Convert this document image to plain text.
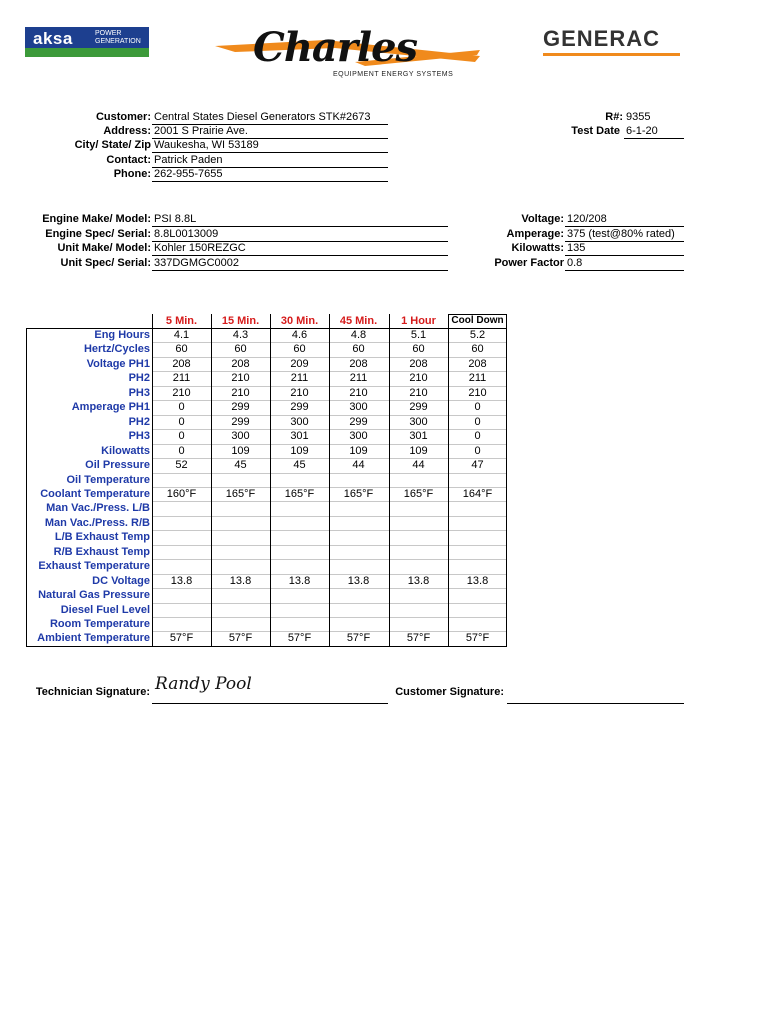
aksa	POWER
GENERATION	Charles
EQUIPMENT ENERGY SYSTEMS
GENERAC
Customer: Central States Diesel Generators STK#2673
Address: 2001 S Prairie Ave.
City/ State/ Zip Waukesha, WI 53189
Contact: Patrick Paden
Phone: 262-955-7655
R#: 9355
Test Date 6-1-20
Engine Make/ Model: PSI 8.8L
Engine Spec/ Serial: 8.8L0013009
Unit Make/ Model: Kohler 150REZGC
Unit Spec/ Serial: 337DGMGC0002
Voltage: 120/208
Amperage: 375 (test@80% rated)
Kilowatts: 135
Power Factor 0.8
5 Min.	15 Min.	30 Min.	45 Min.	1 Hour	Cool Down
Eng Hours	4.1	4.3	4.6	4.8	5.1	5.2
Hertz/Cycles	60	60	60	60	60	60
Voltage PH1	208	208	209	208	208	208
PH2	211	210	211	211	210	211
PH3	210	210	210	210	210	210
Amperage PH1	0	299	299	300	299	0
PH2	0	299	300	299	300	0
PH3	0	300	301	300	301	0
Kilowatts	0	109	109	109	109	0
Oil Pressure	52	45	45	44	44	47
Oil Temperature
Coolant Temperature	160°F	165°F	165°F	165°F	165°F	164°F
Man Vac./Press. L/B
Man Vac./Press. R/B
L/B Exhaust Temp
R/B Exhaust Temp
Exhaust Temperature
DC Voltage	13.8	13.8	13.8	13.8	13.8	13.8
Natural Gas Pressure
Diesel Fuel Level
Room Temperature
Ambient Temperature	57°F	57°F	57°F	57°F	57°F	57°F
Technician Signature: Randy Pool	Customer Signature:
